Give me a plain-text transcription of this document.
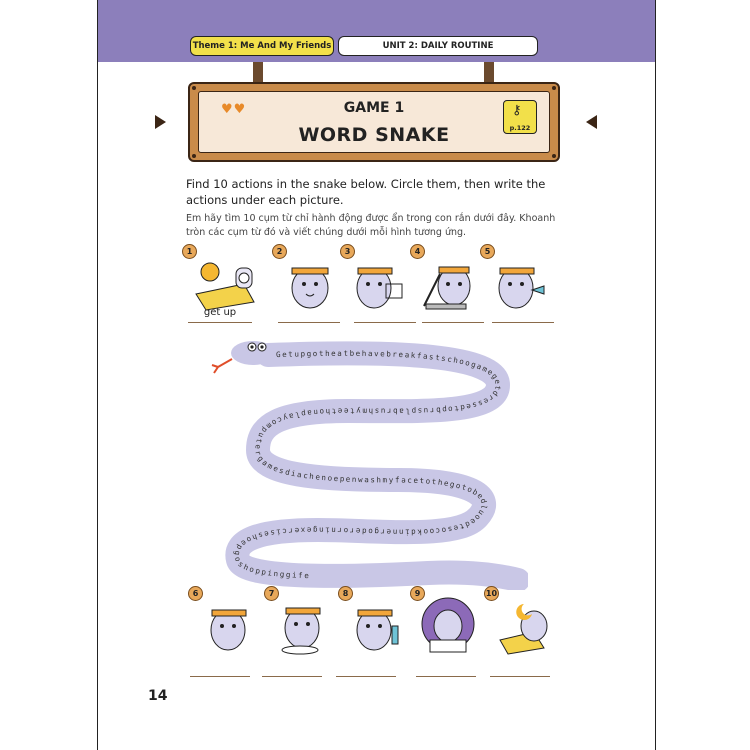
Theme 1: Me And My Friends	UNIT 2: DAILY ROUTINE
♥♥	GAME 1
WORD SNAKE
⚷
p.122
Find 10 actions in the snake below. Circle them, then write the actions under each picture.
Em hãy tìm 10 cụm từ chỉ hành động được ẩn trong con rắn dưới đây. Khoanh tròn các cụm từ đó và viết chúng dưới mỗi hình tương ứng.
1	2	3	4	5
get up
Getupgotheatbehavebreakfastschoogamegetdressedtopbrusplabrushmyteethonaplaycomputergamesdiachenoepenwashmyfacetothegotobedluoedtesocookdinnergoderorningexerciseshoepgoshoppinggife
6	7	8	9	10
14
